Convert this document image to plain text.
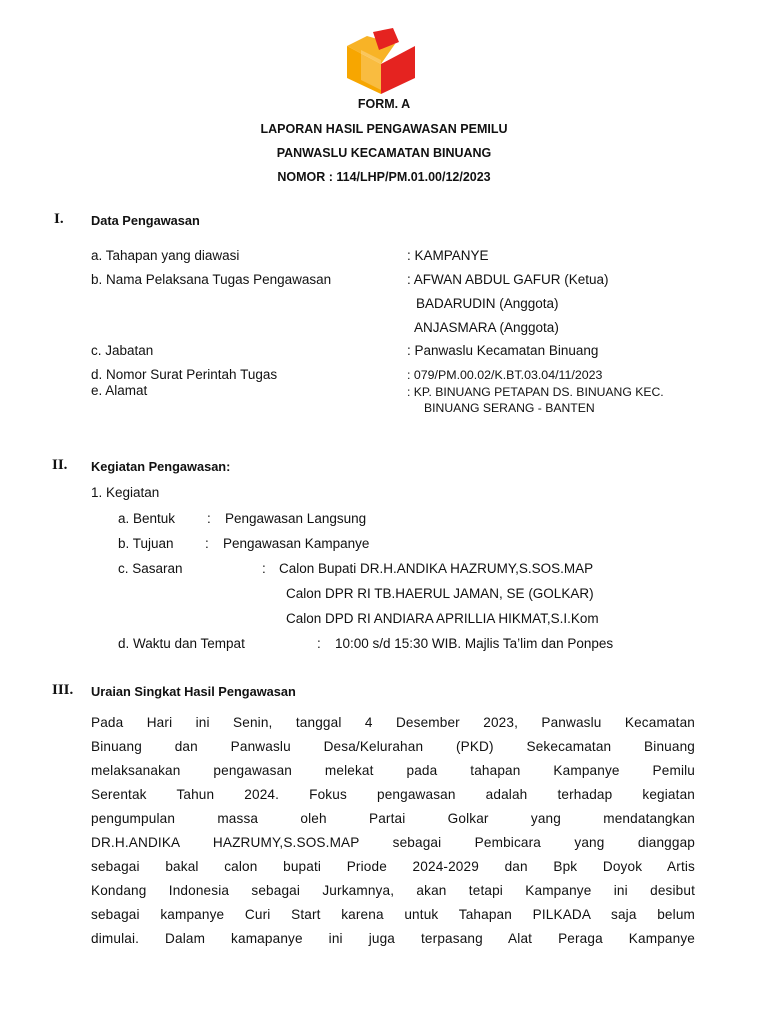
FORM. A
LAPORAN HASIL PENGAWASAN PEMILU
PANWASLU KECAMATAN BINUANG
NOMOR : 114/LHP/PM.01.00/12/2023
I. Data Pengawasan
a. Tahapan yang diawasi	: KAMPANYE
b. Nama Pelaksana Tugas Pengawasan	: AFWAN ABDUL GAFUR (Ketua)
BADARUDIN (Anggota)
ANJASMARA (Anggota)
c. Jabatan	: Panwaslu Kecamatan Binuang
d. Nomor Surat Perintah Tugas	: 079/PM.00.02/K.BT.03.04/11/2023
e. Alamat	: KP. BINUANG PETAPAN DS. BINUANG KEC.
BINUANG SERANG - BANTEN
II. Kegiatan Pengawasan:
1. Kegiatan
a. Bentuk : Pengawasan Langsung
b. Tujuan : Pengawasan Kampanye
c. Sasaran	: Calon Bupati DR.H.ANDIKA HAZRUMY,S.SOS.MAP
Calon DPR RI TB.HAERUL JAMAN, SE (GOLKAR)
Calon DPD RI ANDIARA APRILLIA HIKMAT,S.I.Kom
d. Waktu dan Tempat	: 10:00 s/d 15:30 WIB. Majlis Ta’lim dan Ponpes
III. Uraian Singkat Hasil Pengawasan
Pada Hari ini Senin, tanggal 4 Desember 2023, Panwaslu Kecamatan
Binuang dan Panwaslu Desa/Kelurahan (PKD) Sekecamatan Binuang
melaksanakan pengawasan melekat pada tahapan Kampanye Pemilu
Serentak Tahun 2024. Fokus pengawasan adalah terhadap kegiatan
pengumpulan massa oleh Partai Golkar yang mendatangkan
DR.H.ANDIKA HAZRUMY,S.SOS.MAP sebagai Pembicara yang dianggap
sebagai bakal calon bupati Priode 2024-2029 dan Bpk Doyok Artis
Kondang Indonesia sebagai Jurkamnya, akan tetapi Kampanye ini desibut
sebagai kampanye Curi Start karena untuk Tahapan PILKADA saja belum
dimulai. Dalam kamapanye ini juga terpasang Alat Peraga Kampanye
